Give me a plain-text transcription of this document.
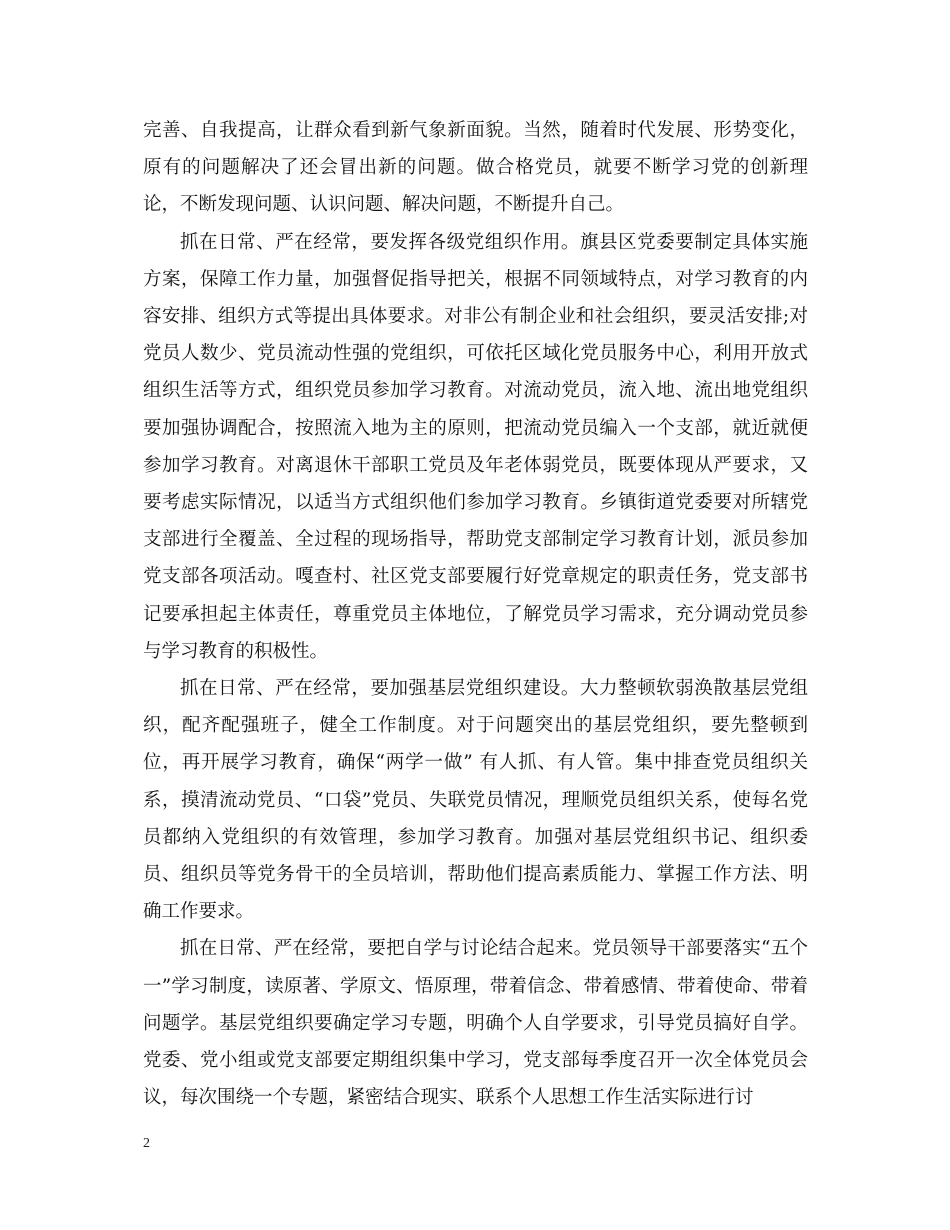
完善、自我提高，让群众看到新气象新面貌。当然，随着时代发展、形势变化，原有的问题解决了还会冒出新的问题。做合格党员，就要不断学习党的创新理论，不断发现问题、认识问题、解决问题，不断提升自己。

抓在日常、严在经常，要发挥各级党组织作用。旗县区党委要制定具体实施方案，保障工作力量，加强督促指导把关，根据不同领域特点，对学习教育的内容安排、组织方式等提出具体要求。对非公有制企业和社会组织，要灵活安排;对党员人数少、党员流动性强的党组织，可依托区域化党员服务中心，利用开放式组织生活等方式，组织党员参加学习教育。对流动党员，流入地、流出地党组织要加强协调配合，按照流入地为主的原则，把流动党员编入一个支部，就近就便参加学习教育。对离退休干部职工党员及年老体弱党员，既要体现从严要求，又要考虑实际情况，以适当方式组织他们参加学习教育。乡镇街道党委要对所辖党支部进行全覆盖、全过程的现场指导，帮助党支部制定学习教育计划，派员参加党支部各项活动。嘎查村、社区党支部要履行好党章规定的职责任务，党支部书记要承担起主体责任，尊重党员主体地位，了解党员学习需求，充分调动党员参与学习教育的积极性。

抓在日常、严在经常，要加强基层党组织建设。大力整顿软弱涣散基层党组织，配齐配强班子，健全工作制度。对于问题突出的基层党组织，要先整顿到位，再开展学习教育，确保“两学一做” 有人抓、有人管。集中排查党员组织关系，摸清流动党员、“口袋”党员、失联党员情况，理顺党员组织关系，使每名党员都纳入党组织的有效管理，参加学习教育。加强对基层党组织书记、组织委员、组织员等党务骨干的全员培训，帮助他们提高素质能力、掌握工作方法、明确工作要求。

抓在日常、严在经常，要把自学与讨论结合起来。党员领导干部要落实“五个一”学习制度，读原著、学原文、悟原理，带着信念、带着感情、带着使命、带着问题学。基层党组织要确定学习专题，明确个人自学要求，引导党员搞好自学。党委、党小组或党支部要定期组织集中学习，党支部每季度召开一次全体党员会议，每次围绕一个专题，紧密结合现实、联系个人思想工作生活实际进行讨

2
